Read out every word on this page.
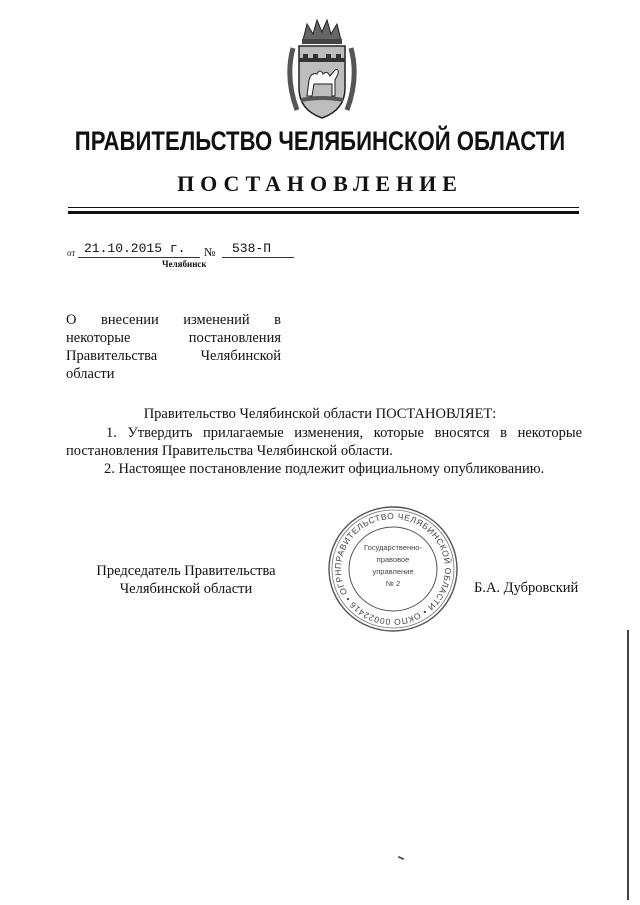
ПРАВИТЕЛЬСТВО ЧЕЛЯБИНСКОЙ ОБЛАСТИ
ПОСТАНОВЛЕНИЕ
от 21.10.2015 г. № 538-П
Челябинск
О внесении изменений в некоторые постановления Правительства Челябинской области
Правительство Челябинской области ПОСТАНОВЛЯЕТ:
1. Утвердить прилагаемые изменения, которые вносятся в некоторые постановления Правительства Челябинской области.
2. Настоящее постановление подлежит официальному опубликованию.
ПРАВИТЕЛЬСТВО ЧЕЛЯБИНСКОЙ ОБЛАСТИ • ОКПО 00022416 • ОГРН
Государственно-
правовое
управление
№ 2
Председатель Правительства Челябинской области	Б.А. Дубровский
